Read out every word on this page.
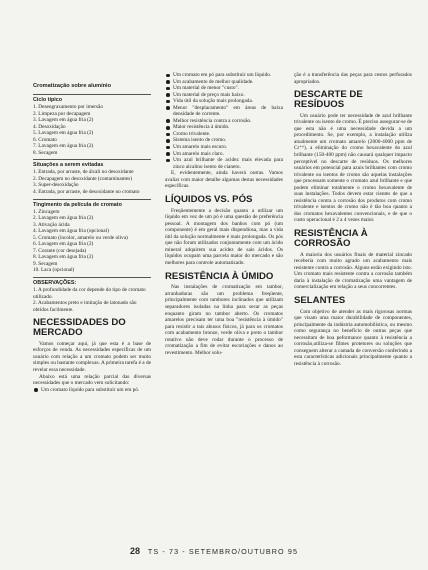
Cromatização sobre alumínio
Ciclo típico
1. Desengraxamento por imersão
2. Limpeza por decapagem
3. Lavagem em água fria (2)
4. Desoxidação
5. Lavagem em água fria (2)
6. Cromato
7. Lavagem em água fria (2)
8. Secagem
Situações a serem evitadas
1. Entrada, por arraste, de álcali no desoxidante
2. Decapagem no desoxidante (contaminantes)
3. Super-desoxidação
4. Entrada, por arraste, de desoxidante no cromato
Tingimento da película de cromato
1. Zincagem
2. Lavagem em água fria (2)
3. Ativação ácida
4. Lavagem em água fria (opcional)
5. Cromato (incolor, amarelo ou verde oliva)
6. Lavagem em água fria (2)
7. Corante (cor desejada)
8. Lavagem em água fria (2)
9. Secagem
10. Laca (opcional)
OBSERVAÇÕES:
1. A profundidade da cor depende do tipo de cromato utilizado.
2. Acabamentos preto e imitação de latonado são obtidos facilmente.
NECESSIDADES DO MERCADO

Vamos começar aqui, já que esta é a base de esforços de venda. As necessidades específicas de um usuário com relação a um cromato podem ser muito simples ou bastante complexas. A primeira tarefa é a de revelar essa necessidade.

Abaixo está uma relação parcial das diversas necessidades que o mercado vem solicitando:

Um cromato líquido para substituir um em pó.
Um cromato em pó para substituir um líquido.
Um acabamento de melhor qualidade.
Um material de menor "custo".
Um material de preço mais baixo.
Vida útil da solução mais prolongada.
Menor "desplacamento" em áreas de baixa densidade de corrente.
Melhor resistência contra a corrosão.
Maior resistência à úmido.
Cromo trivalente.
Sistema isento de cromo.
Um amarelo mais escuro.
Um amarelo mais claro.
Um azul brilhante de acidez mais elevada para zinco alcalino isento de cianeto.

E, evidentemente, ainda haverá outras. Vamos avaliar com maior detalhe algumas destas necessidades específicas.

LÍQUIDOS VS. PÓS

Freqüentemente a decisão quanto a utilizar um líquido em vez de um pó é uma questão de preferência pessoal. A montagem dos banhos com pó (um componente) é em geral mais dispendiosa, mas a vida útil da solução normalmente é mais prolongada. Os pós que não foram utilizados conjuntamente com um ácido mineral adquirem sua acidez de sais ácidos. Os líquidos ocupam uma parcela maior do mercado e são melhores para controle automatizado.

RESISTÊNCIA À ÚMIDO

Nas instalações de cromatização em tambor, arranhaduras são um problema freqüente, principalmente com tambores inclinados que utilizam separadores isoladas na linha para secar as peças enquanto giram no tambor aberto. Os cromatos amarelos precisam ter uma boa "resistência à úmido" para resistir a tais abusos físicos, já para os cromatos com acabamento bronze, verde oliva e preto o tambor rotativo não deve rodar durante o processo de cromatização a fim de evitar escoriações e danos ao revestimento. Melhor solu-

ção é a transferência das peças para cestos perfurados apropriados.

DESCARTE DE RESÍDUOS

Um usuário pode ter necessidade de azul brilhante trivalente ou isento de cromo. É preciso assegurar-se de que esta não é uma necessidade devida a um procedimento. Se, por exemplo, a instalação utiliza atualmente um cromato amarelo (2000-4000 ppm de Cr⁺⁶), a eliminação do cromo hexavalente do azul brilhante (150-400 ppm) não causará qualquer impacto perceptível no descarte de resíduos. Os melhores usuários em potencial para azuis brilhantes com cromo trivalente ou isentos de cromo são aquelas instalações que processam somente o cromato azul brilhante e que podem eliminar totalmente o cromo hexavalente de suas instalações. Todos devem estar cientes de que a resistência contra a corrosão dos produtos com cromo trivalente e isentos de cromo não é tão boa quanto a dos cromatos hexavalentes convencionais, e de que o custo operacional é 2 a 4 vezes maior.

RESISTÊNCIA À CORROSÃO

A maioria dos usuários finais de material zincado receberia com muito agrado um acabamento mais resistente contra a corrosão. Alguns estão exigindo isto. Um cromato mais resistente contra a corrosão também daria à instalação de cromatização uma vantagem de comercialização em relação a seus concorrentes.

SELANTES

Com objetivo de atender as mais rigorosas normas que visam uma maior durabilidade de componentes, principalmente da indústria automobilística, ou mesmo como segurança no benefício de outras peças que necessitam de boa peformance quanto à resistência a corrosão,utiliza-se filmes protetores ou soluções que conseguem alterar a camada de conversão conferindo a esta características adicionais principalmente quanto a resistência à corrosão.

28 TS - 73 - SETEMBRO/OUTUBRO 95
